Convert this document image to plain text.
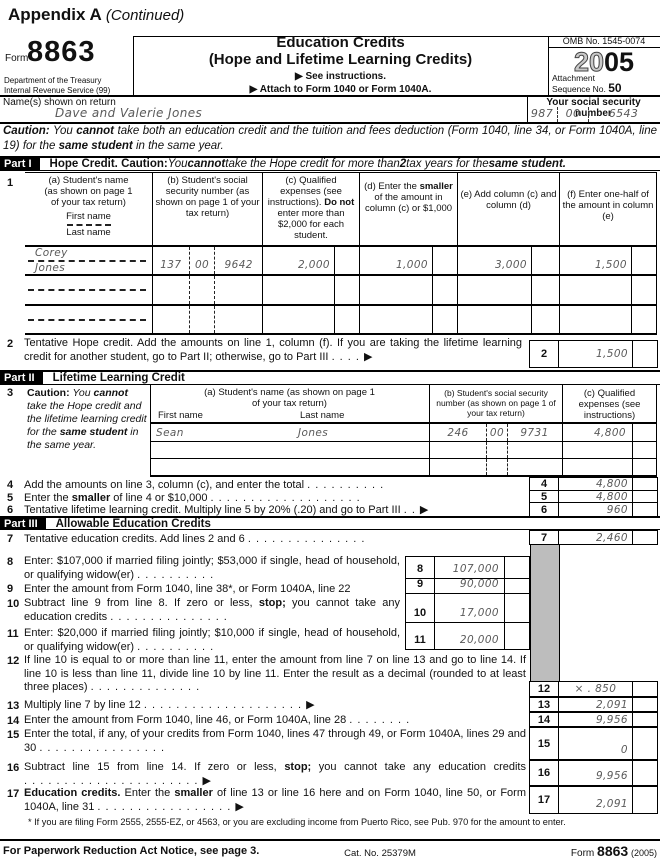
Appendix A (Continued)
Form
8863
Department of the Treasury
Internal Revenue Service (99)
Education Credits
(Hope and Lifetime Learning Credits)
▶ See instructions.
▶ Attach to Form 1040 or Form 1040A.
OMB No. 1545-0074
2005
Attachment
Sequence No. 50
Name(s) shown on return
Dave and Valerie Jones
Your social security number
987	00	6543
Caution: You cannot take both an education credit and the tuition and fees deduction (Form 1040, line 34, or Form 1040A, line 19) for the same student in the same year.
Part I	Hope Credit. Caution: You cannot take the Hope credit for more than 2 tax years for the same student.
1	(a) Student's name
(as shown on page 1
of your tax return)
First name
Last name
(b) Student's social security number (as shown on page 1 of your tax return)
(c) Qualified expenses (see instructions). Do not enter more than $2,000 for each student.
(d) Enter the smaller of the amount in column (c) or $1,000
(e) Add column (c) and column (d)
(f) Enter one-half of the amount in column (e)
Corey
Jones	137	00	9642	2,000	1,000	3,000	1,500
2 Tentative Hope credit. Add the amounts on line 1, column (f). If you are taking the lifetime learning credit for another student, go to Part II; otherwise, go to Part III . . . . ▶	2	1,500
Part II	Lifetime Learning Credit
3	Caution: You cannot take the Hope credit and the lifetime learning credit for the same student in the same year.
(a) Student's name (as shown on page 1
of your tax return)
First name	Last name
(b) Student's social security number (as shown on page 1 of your tax return)
(c) Qualified expenses (see instructions)
Sean	Jones	246	00	9731	4,800
4 Add the amounts on line 3, column (c), and enter the total . . . . . . . . . .	4	4,800
5 Enter the smaller of line 4 or $10,000 . . . . . . . . . . . . . . . . . . .	5	4,800
6 Tentative lifetime learning credit. Multiply line 5 by 20% (.20) and go to Part III . . ▶	6	960
Part III	Allowable Education Credits
7 Tentative education credits. Add lines 2 and 6 . . . . . . . . . . . . . . .	7	2,460
8 Enter: $107,000 if married filing jointly; $53,000 if single, head of household, or qualifying widow(er) . . . . . . . . . .
9 Enter the amount from Form 1040, line 38*, or Form 1040A, line 22
10 Subtract line 9 from line 8. If zero or less, stop; you cannot take any education credits . . . . . . . . . . . . . . .
11 Enter: $20,000 if married filing jointly; $10,000 if single, head of household, or qualifying widow(er) . . . . . . . . . .
8	107,000
9	90,000
10	17,000
11	20,000
12 If line 10 is equal to or more than line 11, enter the amount from line 7 on line 13 and go to line 14. If line 10 is less than line 11, divide line 10 by line 11. Enter the result as a decimal (rounded to at least three places) . . . . . . . . . . . . . .	12	× . 850
13 Multiply line 7 by line 12 . . . . . . . . . . . . . . . . . . . . ▶	13	2,091
14 Enter the amount from Form 1040, line 46, or Form 1040A, line 28 . . . . . . . .	14	9,956
15 Enter the total, if any, of your credits from Form 1040, lines 47 through 49, or Form 1040A, lines 29 and 30 . . . . . . . . . . . . . . . .	15
0
16 Subtract line 15 from line 14. If zero or less, stop; you cannot take any education credits . . . . . . . . . . . . . . . . . . . . . . ▶
16	9,956
17 Education credits. Enter the smaller of line 13 or line 16 here and on Form 1040, line 50, or Form 1040A, line 31 . . . . . . . . . . . . . . . . . ▶
17	2,091
* If you are filing Form 2555, 2555-EZ, or 4563, or you are excluding income from Puerto Rico, see Pub. 970 for the amount to enter.
For Paperwork Reduction Act Notice, see page 3.	Cat. No. 25379M	Form 8863 (2005)
